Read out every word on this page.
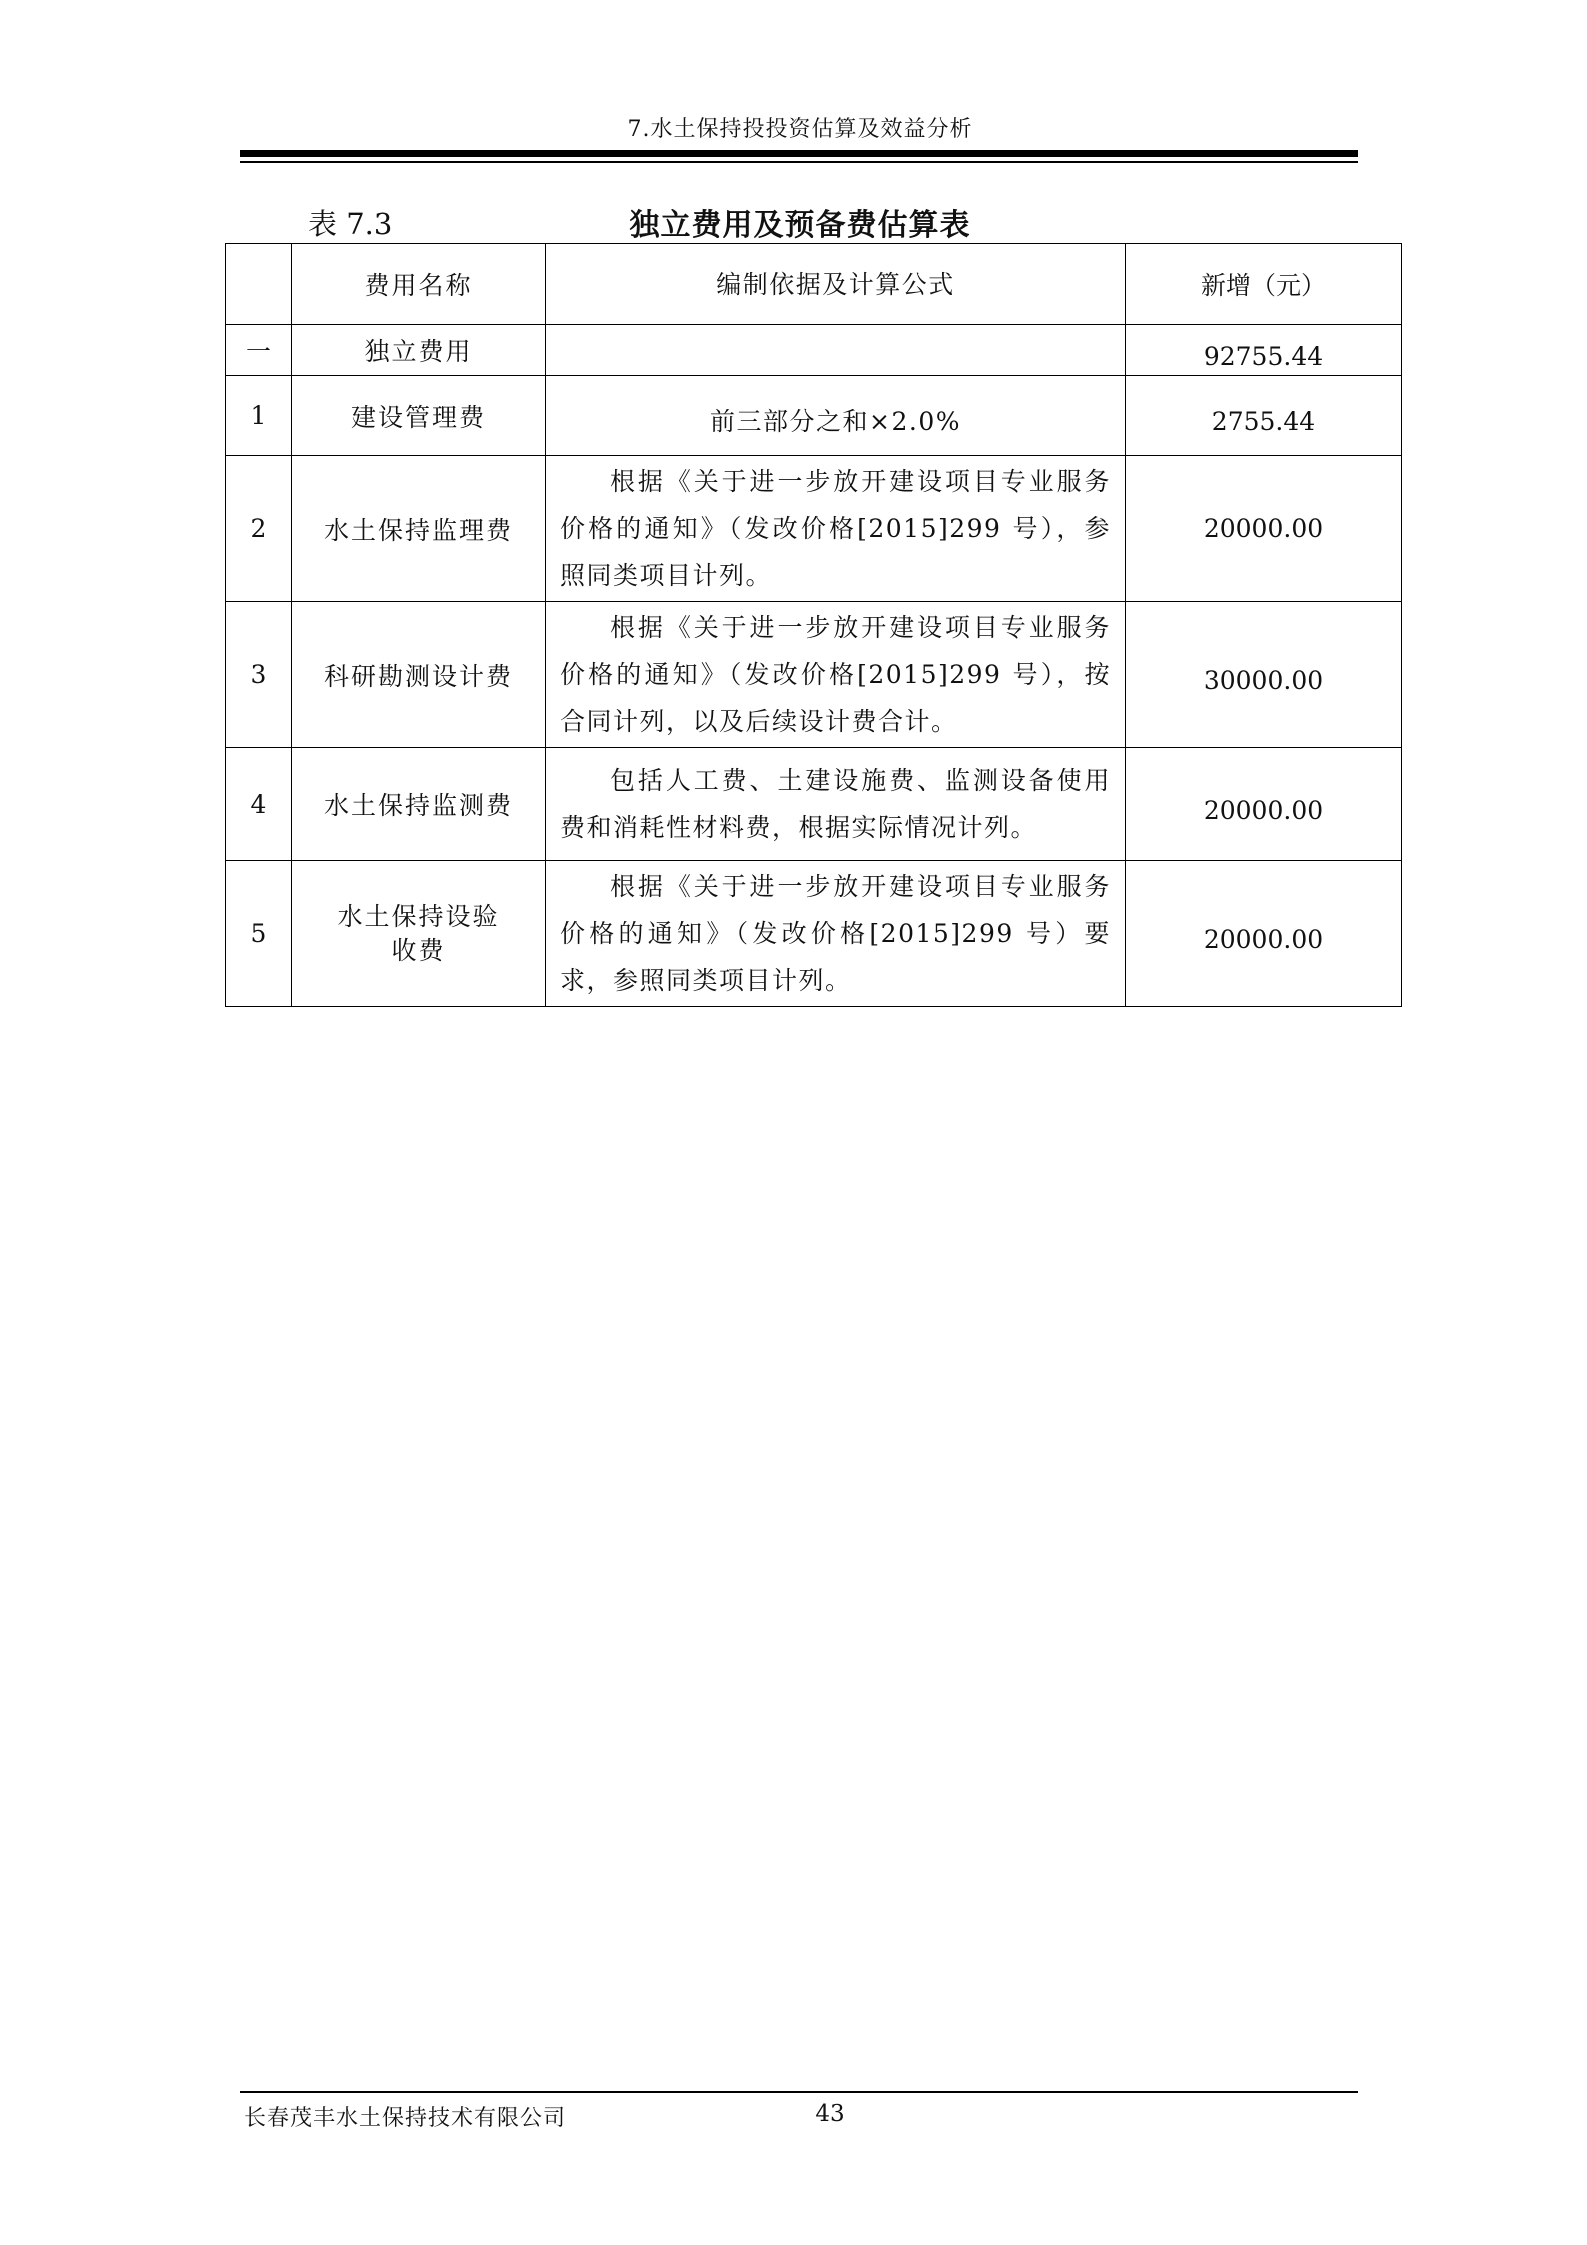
7.水土保持投投资估算及效益分析
表 7.3	独立费用及预备费估算表
	费用名称	编制依据及计算公式	新增（元）
一	独立费用		92755.44
1	建设管理费	前三部分之和×2.0%	2755.44
2	水土保持监理费	根据《关于进一步放开建设项目专业服务价格的通知》（发改价格[2015]299 号），参照同类项目计列。	20000.00
3	科研勘测设计费	根据《关于进一步放开建设项目专业服务价格的通知》（发改价格[2015]299 号），按合同计列，以及后续设计费合计。	30000.00
4	水土保持监测费	包括人工费、土建设施费、监测设备使用费和消耗性材料费，根据实际情况计列。	20000.00
5	水土保持设验收费	根据《关于进一步放开建设项目专业服务价格的通知》（发改价格[2015]299 号）要求，参照同类项目计列。	20000.00
长春茂丰水土保持技术有限公司	43
